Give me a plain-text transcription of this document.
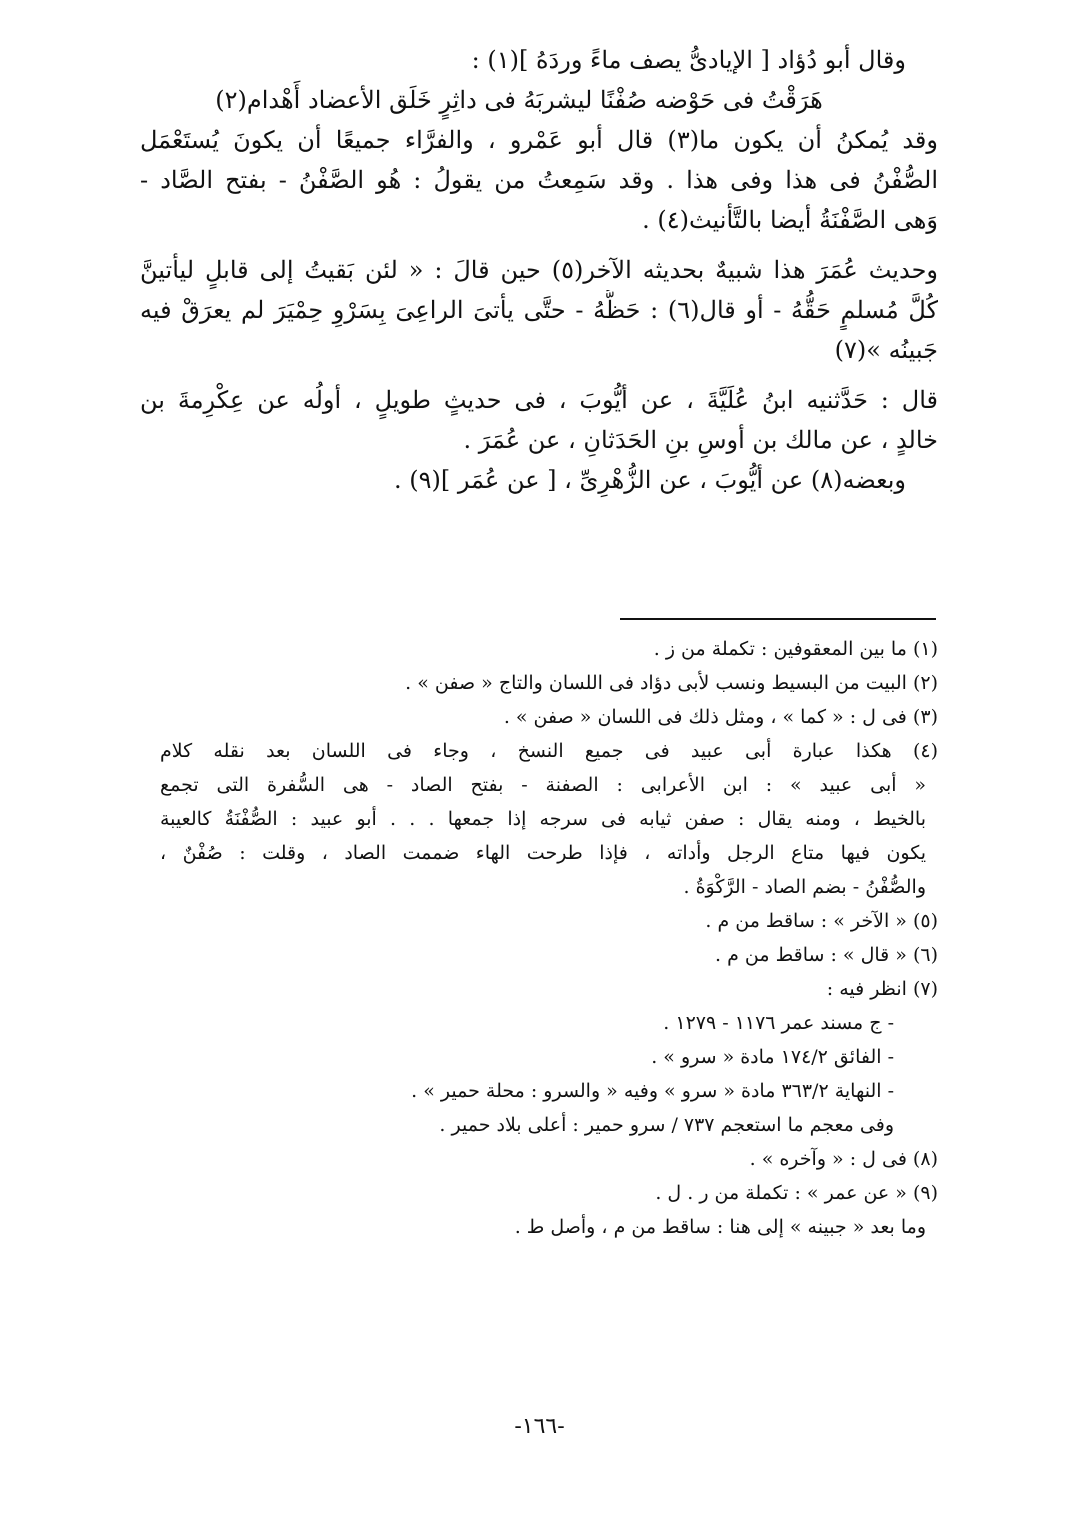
وقال أبو دُؤاد [ الإيادىُّ يصف ماءً وردَهُ ](١) :
هَرَقْتُ فى حَوْضه صُفْنًا ليشربَهُ فى داثِرٍ خَلَق الأعضاد أَهْدام(٢)
وقد يُمكنُ أن يكون ما(٣) قال أبو عَمْرو ، والفرَّاء جميعًا أن يكونَ يُستَعْمَل
الصُّفْنُ فى هذا وفى هذا . وقد سَمِعتُ من يقولُ : هُو الصَّفْنُ - بفتح الصَّاد -
وَهى الصَّفْنَةُ أيضا بالتَّأنيث(٤) .
وحديث عُمَرَ هذا شبيهٌ بحديثه الآخر(٥) حين قالَ : « لئن بَقيتُ إلى قابلٍ ليأتينَّ
كُلَّ مُسلمٍ حَقُّهُ - أو قال(٦) : حَظُّهُ - حتَّى يأتىَ الراعِىَ بِسَرْوِ حِمْيَرَ لم يعرَقْ فيه
جَبينُه »(٧)
قال : حَدَّثنيه ابنُ عُلَيَّةَ ، عن أيُّوبَ ، فى حديثٍ طويلٍ ، أولُه عن عِكْرِمةَ بن
خالدٍ ، عن مالك بن أوسِ بنِ الحَدَثانِ ، عن عُمَرَ .
وبعضه(٨) عن أيُّوبَ ، عن الزُّهْرِىِّ ، [ عن عُمَر ](٩) .
(١) ما بين المعقوفين : تكملة من ز .
(٢) البيت من البسيط ونسب لأبى دؤاد فى اللسان والتاج « صفن » .
(٣) فى ل : « كما » ، ومثل ذلك فى اللسان « صفن » .
(٤) هكذا عبارة أبى عبيد فى جميع النسخ ، وجاء فى اللسان بعد نقله كلام
« أبى عبيد » : ابن الأعرابى : الصفنة - بفتح الصاد - هى السُّفرة التى تجمع
بالخيط ، ومنه يقال : صفن ثيابه فى سرجه إذا جمعها . . . أبو عبيد : الصُّفْنَةُ كالعيبة
يكون فيها متاع الرجل وأداته ، فإذا طرحت الهاء ضممت الصاد ، وقلت : صُفْنٌ ،
والصُّفْنُ - بضم الصاد - الرَّكْوَةُ .
(٥) « الآخر » : ساقط من م .
(٦) « قال » : ساقط من م .
(٧) انظر فيه :
- ج مسند عمر ١١٧٦ - ١٢٧٩ .
- الفائق ١٧٤/٢ مادة « سرو » .
- النهاية ٣٦٣/٢ مادة « سرو » وفيه « والسرو : محلة حمير » .
وفى معجم ما استعجم ٧٣٧ / سرو حمير : أعلى بلاد حمير .
(٨) فى ل : « وآخره » .
(٩) « عن عمر » : تكملة من ر . ل .
وما بعد « جبينه » إلى هنا : ساقط من م ، وأصل ط .
-١٦٦-
